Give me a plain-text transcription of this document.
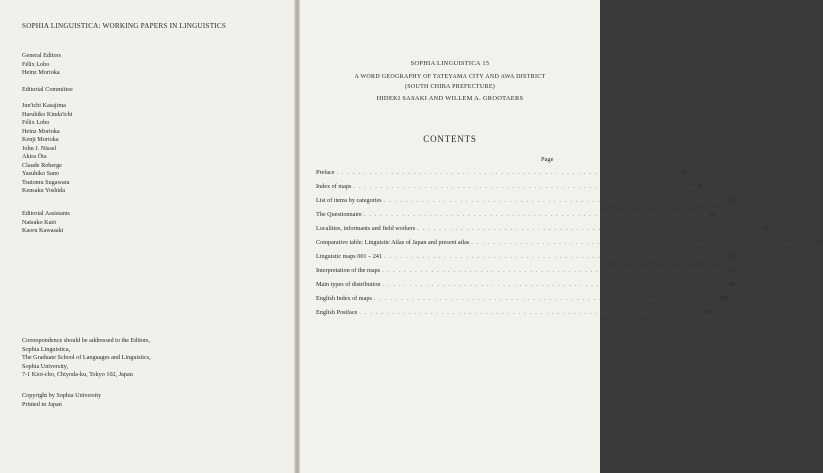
SOPHIA LINGUISTICA: WORKING PAPERS IN LINGUISTICS
General Editors
Félix Lobo
Heinz Morioka
Editorial Committee
Jun'ichi Kasajima
Haruhiko Kinda'ichi
Félix Lobo
Heinz Morioka
Kenji Morioka
John J. Nissel
Akira Ōta
Claude Roberge
Yasuhiko Sano
Tsutomu Sugawara
Kensaku Yoshida
Editorial Assistants
Natsuko Katō
Kaoru Kawasaki
Correspondence should be addressed to the Editors,
Sophia Linguistica,
The Graduate School of Languages and Linguistics,
Sophia University,
7-1 Kioi-cho, Chiyoda-ku, Tokyo 102, Japan
Copyright by Sophia University
Printed in Japan
SOPHIA LINGUISTICA 15
A WORD GEOGRAPHY OF TATEYAMA CITY AND AWA DISTRICT
(SOUTH CHIBA PREFECTURE)
HIDEKI SASAKI AND WILLEM A. GROOTAERS
CONTENTS
Page
Preface . . . . . . . . . . . . . . . . . . . . . . . . . . . . . . . . . . . . . . . . . . . . . . . . . . . . . . . . . . . . . . . 5
Index of maps . . . . . . . . . . . . . . . . . . . . . . . . . . . . . . . . . . . . . . . . . . . . . . . . . . . . . . . . . . . . . . . 7
List of items by categories . . . . . . . . . . . . . . . . . . . . . . . . . . . . . . . . . . . . . . . . . . . . . . . . . . . . . . . . . . . . . . . 12
The Questionnaire . . . . . . . . . . . . . . . . . . . . . . . . . . . . . . . . . . . . . . . . . . . . . . . . . . . . . . . . . . . . . . . 15
Localities, informants and field workers . . . . . . . . . . . . . . . . . . . . . . . . . . . . . . . . . . . . . . . . . . . . . . . . . . . . . . . . . . . . . . . 25
Comparative table: Linguistic Atlas of Japan and present atlas . . . . . . . . . . . . . . . . . . . . . . . . . . . . . . . . . . . . . . . . . . . . . . . . . . . . . . . . . . . . . . . 33
Linguistic maps 001 – 241 . . . . . . . . . . . . . . . . . . . . . . . . . . . . . . . . . . . . . . . . . . . . . . . . . . . . . . . . . . . . . . . 35
Interpretation of the maps . . . . . . . . . . . . . . . . . . . . . . . . . . . . . . . . . . . . . . . . . . . . . . . . . . . . . . . . . . . . . . . 277
Main types of distribution . . . . . . . . . . . . . . . . . . . . . . . . . . . . . . . . . . . . . . . . . . . . . . . . . . . . . . . . . . . . . . . 385
English Index of maps . . . . . . . . . . . . . . . . . . . . . . . . . . . . . . . . . . . . . . . . . . . . . . . . . . . . . . . . . . . . . . . 387
English Postface . . . . . . . . . . . . . . . . . . . . . . . . . . . . . . . . . . . . . . . . . . . . . . . . . . . . . . . . . . . . . . . 395
